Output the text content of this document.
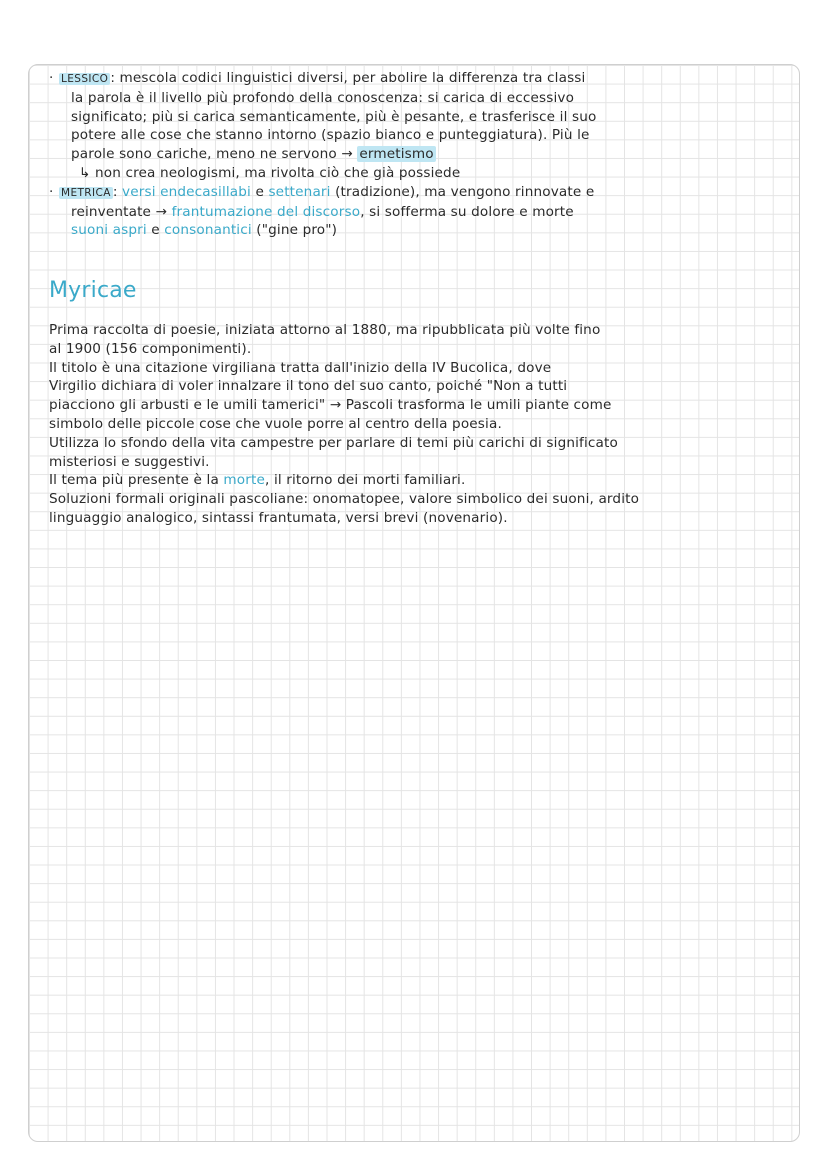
· LESSICO : mescola codici linguistici diversi, per abolire la differenza tra classi
la parola è il livello più profondo della conoscenza: si carica di eccessivo
significato; più si carica semanticamente, più è pesante, e trasferisce il suo
potere alle cose che stanno intorno (spazio bianco e punteggiatura). Più le
parole sono cariche, meno ne servono → ermetismo
↳ non crea neologismi, ma rivolta ciò che già possiede
· METRICA : versi endecasillabi e settenari (tradizione), ma vengono rinnovate e
reinventate → frantumazione del discorso, si sofferma su dolore e morte
suoni aspri e consonantici ("gine pro")
Myricae
Prima raccolta di poesie, iniziata attorno al 1880, ma ripubblicata più volte fino
al 1900 (156 componimenti).
Il titolo è una citazione virgiliana tratta dall'inizio della IV Bucolica, dove
Virgilio dichiara di voler innalzare il tono del suo canto, poiché "Non a tutti
piacciono gli arbusti e le umili tamerici" → Pascoli trasforma le umili piante come
simbolo delle piccole cose che vuole porre al centro della poesia.
Utilizza lo sfondo della vita campestre per parlare di temi più carichi di significato
misteriosi e suggestivi.
Il tema più presente è la morte, il ritorno dei morti familiari.
Soluzioni formali originali pascoliane: onomatopee, valore simbolico dei suoni, ardito
linguaggio analogico, sintassi frantumata, versi brevi (novenario).
